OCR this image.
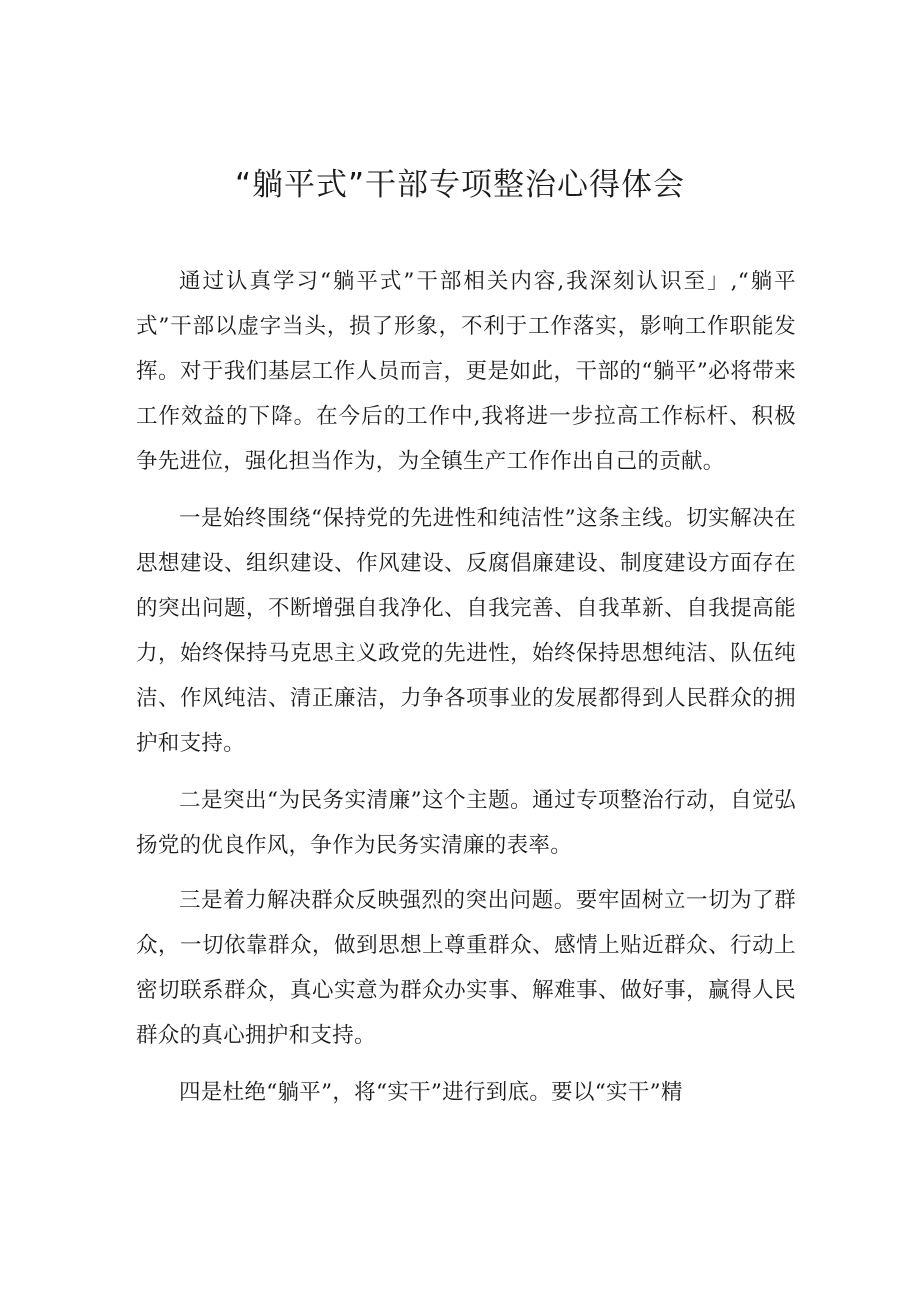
“躺平式”干部专项整治心得体会

通过认真学习“躺平式”干部相关内容,我深刻认识至」,“躺平式”干部以虚字当头，损了形象，不利于工作落实，影响工作职能发挥。对于我们基层工作人员而言，更是如此，干部的“躺平”必将带来工作效益的下降。在今后的工作中,我将进一步拉高工作标杆、积极争先进位，强化担当作为，为全镇生产工作作出自己的贡献。

一是始终围绕“保持党的先进性和纯洁性”这条主线。切实解决在思想建设、组织建设、作风建设、反腐倡廉建设、制度建设方面存在的突出问题，不断增强自我净化、自我完善、自我革新、自我提高能力，始终保持马克思主义政党的先进性，始终保持思想纯洁、队伍纯洁、作风纯洁、清正廉洁，力争各项事业的发展都得到人民群众的拥护和支持。

二是突出“为民务实清廉”这个主题。通过专项整治行动，自觉弘扬党的优良作风，争作为民务实清廉的表率。

三是着力解决群众反映强烈的突出问题。要牢固树立一切为了群众，一切依靠群众，做到思想上尊重群众、感情上贴近群众、行动上密切联系群众，真心实意为群众办实事、解难事、做好事，赢得人民群众的真心拥护和支持。

四是杜绝“躺平”，将“实干”进行到底。要以“实干”精
